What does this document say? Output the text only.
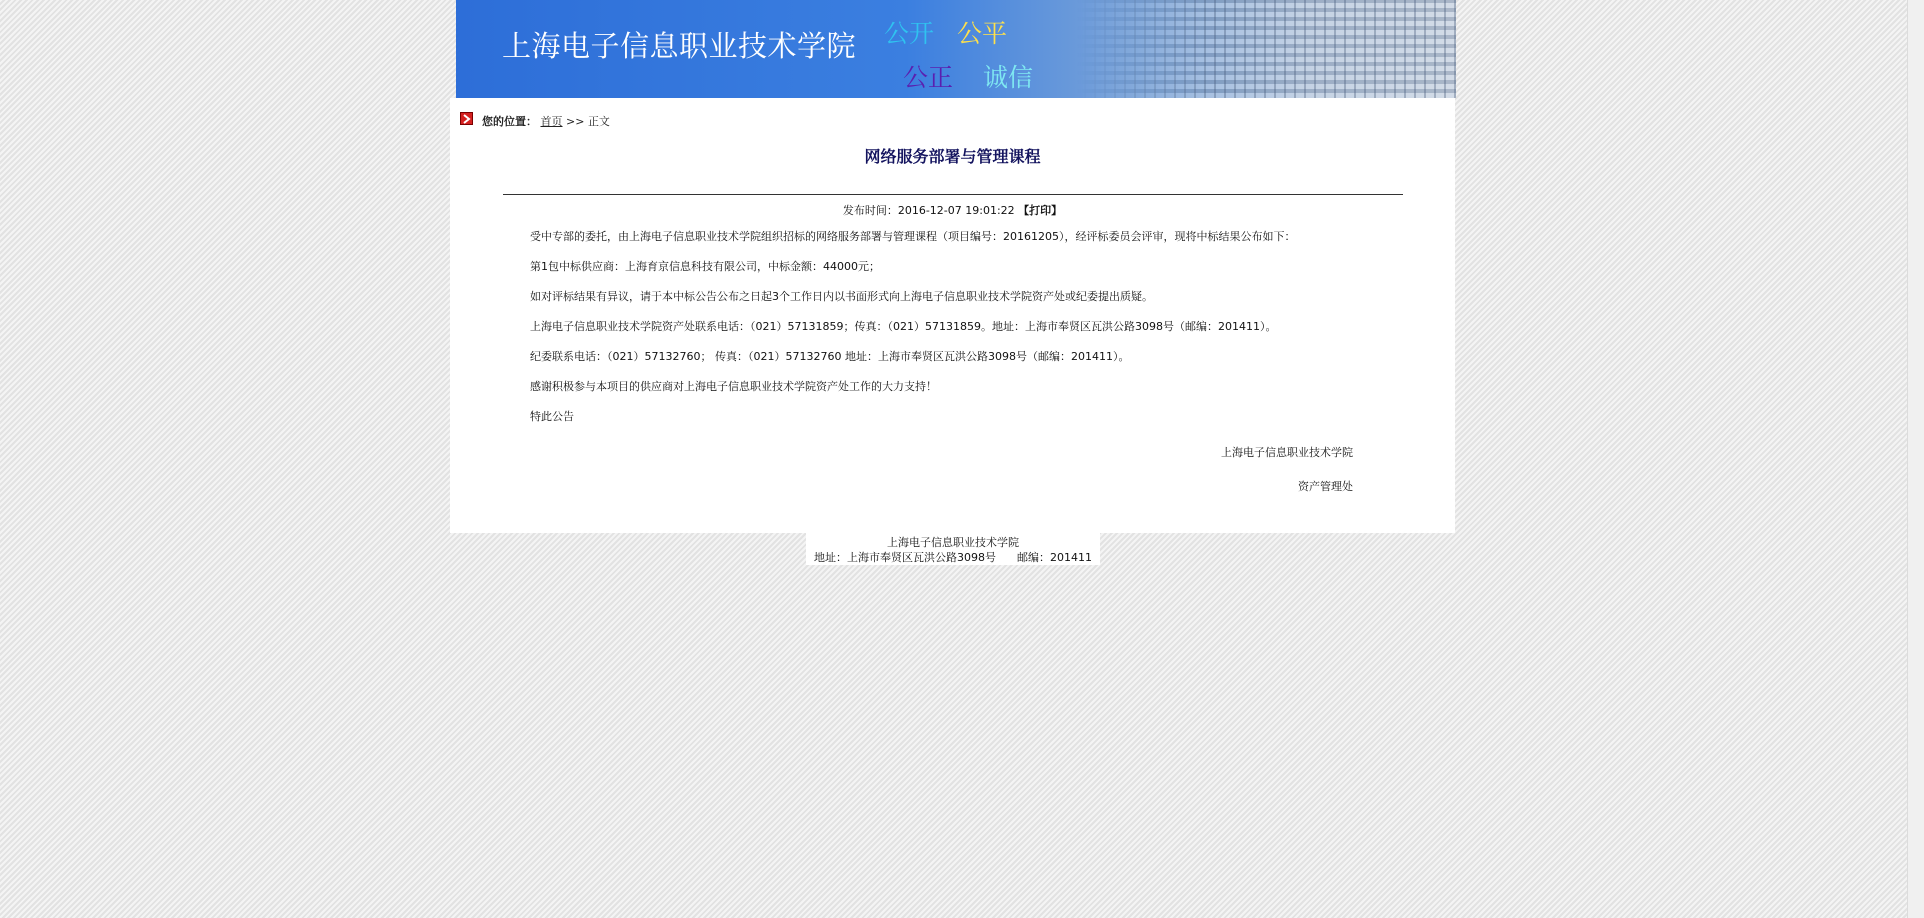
上海电子信息职业技术学院 公开 公平
公正 诚信
您的位置： 首页 >> 正文
网络服务部署与管理课程
发布时间：2016-12-07 19:01:22 【打印】
受中专部的委托，由上海电子信息职业技术学院组织招标的网络服务部署与管理课程（项目编号：20161205），经评标委员会评审，现将中标结果公布如下：
第1包中标供应商：上海育京信息科技有限公司，中标金额：44000元；
如对评标结果有异议，请于本中标公告公布之日起3个工作日内以书面形式向上海电子信息职业技术学院资产处或纪委提出质疑。
上海电子信息职业技术学院资产处联系电话：（021）57131859；传真：（021）57131859。地址：上海市奉贤区瓦洪公路3098号（邮编：201411）。
纪委联系电话：（021）57132760； 传真：（021）57132760 地址：上海市奉贤区瓦洪公路3098号（邮编：201411）。
感谢积极参与本项目的供应商对上海电子信息职业技术学院资产处工作的大力支持！
特此公告
上海电子信息职业技术学院
资产管理处
上海电子信息职业技术学院
地址：上海市奉贤区瓦洪公路3098号 邮编：201411
